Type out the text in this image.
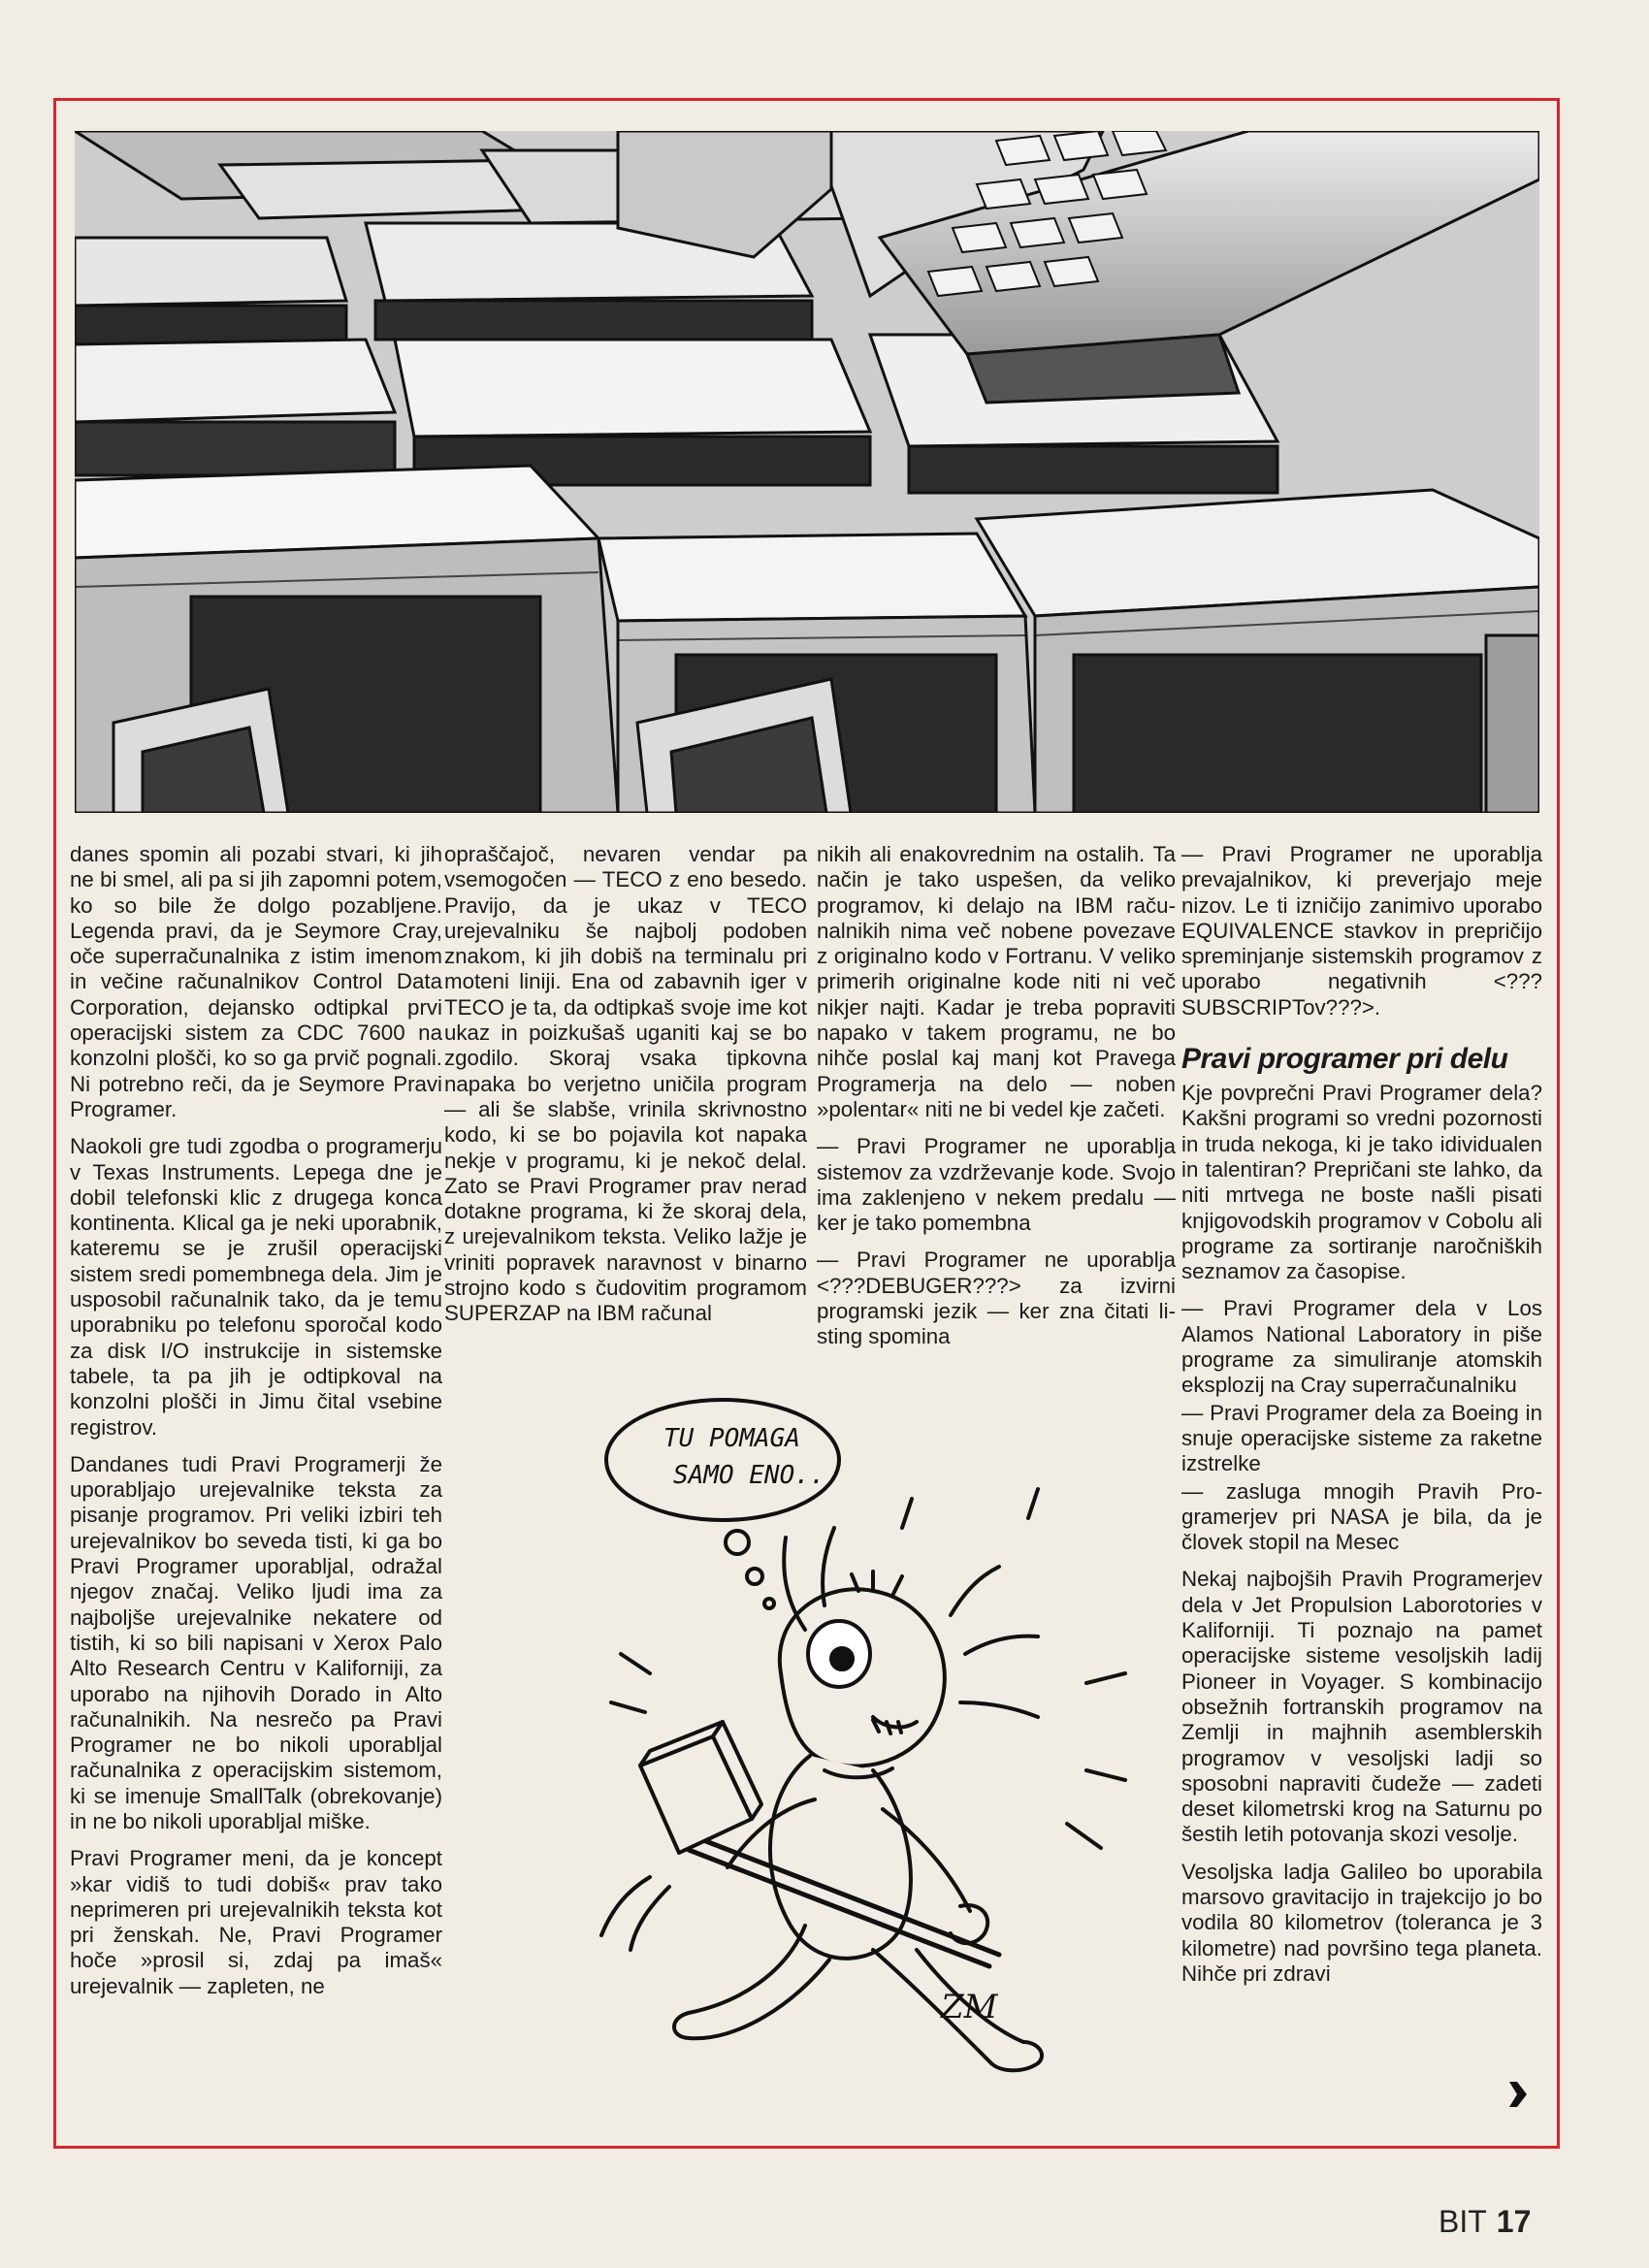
danes spomin ali pozabi stvari, ki jih ne bi smel, ali pa si jih zapomni potem, ko so bile že dolgo pozabljene. Legenda pravi, da je Seymore Cray, oče superračunalnika z istim imenom in večine računalnikov Control Data Corporation, dejansko odtipkal prvi operacijski sistem za CDC 7600 na konzolni plošči, ko so ga prvič pognali. Ni potrebno reči, da je Seymore Pravi Programer.

Naokoli gre tudi zgodba o programerju v Texas Instruments. Lepega dne je dobil telefonski klic z drugega konca kontinenta. Klical ga je neki uporabnik, kateremu se je zrušil operacijski sistem sredi pomembnega dela. Jim je usposobil računalnik tako, da je temu uporabniku po telefonu sporočal kodo za disk I/O instrukcije in sistemske tabele, ta pa jih je odtipkoval na konzolni plošči in Jimu čital vsebine registrov.

Dandanes tudi Pravi Programerji že uporabljajo urejevalnike teksta za pisanje programov. Pri veliki izbiri teh urejevalnikov bo seveda tisti, ki ga bo Pravi Programer uporabljal, odražal njegov značaj. Veliko ljudi ima za najboljše urejevalnike nekatere od tistih, ki so bili napisani v Xerox Palo Alto Research Centru v Kaliforniji, za uporabo na njihovih Dorado in Alto računalnikih. Na nesrečo pa Pravi Programer ne bo nikoli uporabljal računalnika z operacijskim sistemom, ki se imenuje SmallTalk (obrekovanje) in ne bo nikoli uporabljal miške.

Pravi Programer meni, da je koncept »kar vidiš to tudi dobiš« prav tako neprimeren pri urejevalnikih teksta kot pri ženskah. Ne, Pravi Programer hoče »prosil si, zdaj pa imaš« urejevalnik — zapleten, ne

opraščajoč, nevaren vendar pa vsemogočen — TECO z eno besedo. Pravijo, da je ukaz v TECO urejevalniku še najbolj podoben znakom, ki jih dobiš na terminalu pri moteni liniji. Ena od zabavnih iger v TECO je ta, da odtipkaš svoje ime kot ukaz in poizkušaš uganiti kaj se bo zgodilo. Skoraj vsaka tipkovna napaka bo verjetno uničila program — ali še slabše, vrinila skrivnostno kodo, ki se bo pojavila kot napaka nekje v programu, ki je nekoč delal. Zato se Pravi Programer prav nerad dotakne programa, ki že skoraj dela, z urejevalnikom teksta. Veliko lažje je vriniti popravek naravnost v binarno strojno kodo s čudovitim programom SUPERZAP na IBM računal

nikih ali enakovrednim na ostalih. Ta način je tako uspešen, da veliko programov, ki delajo na IBM računalnikih nima več nobene povezave z originalno kodo v Fortranu. V veliko primerih originalne kode niti ni več nikjer najti. Kadar je treba popraviti napako v takem programu, ne bo nihče poslal kaj manj kot Pravega Programerja na delo — noben »polentar« niti ne bi vedel kje začeti.

— Pravi Programer ne uporablja sistemov za vzdrževanje kode. Svojo ima zaklenjeno v nekem predalu — ker je tako pomembna

— Pravi Programer ne uporablja <???DEBUGER???> za izvirni programski jezik — ker zna čitati listing spomina

— Pravi Programer ne uporablja prevajalnikov, ki preverjajo meje nizov. Le ti izničijo zanimivo uporabo EQUIVALENCE stavkov in prepričijo spreminjanje sistemskih programov z uporabo negativnih <???SUBSCRIPTov???>.

Pravi programer pri delu

Kje povprečni Pravi Programer dela? Kakšni programi so vredni pozornosti in truda nekoga, ki je tako idividualen in talentiran? Prepričani ste lahko, da niti mrtvega ne boste našli pisati knjigovodskih programov v Cobolu ali programe za sortiranje naročniških seznamov za časopise.

— Pravi Programer dela v Los Alamos National Laboratory in piše programe za simuliranje atomskih eksplozij na Cray superračunalniku

— Pravi Programer dela za Boeing in snuje operacijske sisteme za raketne izstrelke

— zasluga mnogih Pravih Programerjev pri NASA je bila, da je človek stopil na Mesec

Nekaj najbojših Pravih Programerjev dela v Jet Propulsion Laborotories v Kaliforniji. Ti poznajo na pamet operacijske sisteme vesoljskih ladij Pioneer in Voyager. S kombinacijo obsežnih fortranskih programov na Zemlji in majhnih asemblerskih programov v vesoljski ladji so sposobni napraviti čudeže — zadeti deset kilometrski krog na Saturnu po šestih letih potovanja skozi vesolje.

Vesoljska ladja Galileo bo uporabila marsovo gravitacijo in trajekcijo jo bo vodila 80 kilometrov (toleranca je 3 kilometre) nad površino tega planeta. Nihče pri zdravi

TU POMAGA
SAMO ENO..
ZM
BIT 17
